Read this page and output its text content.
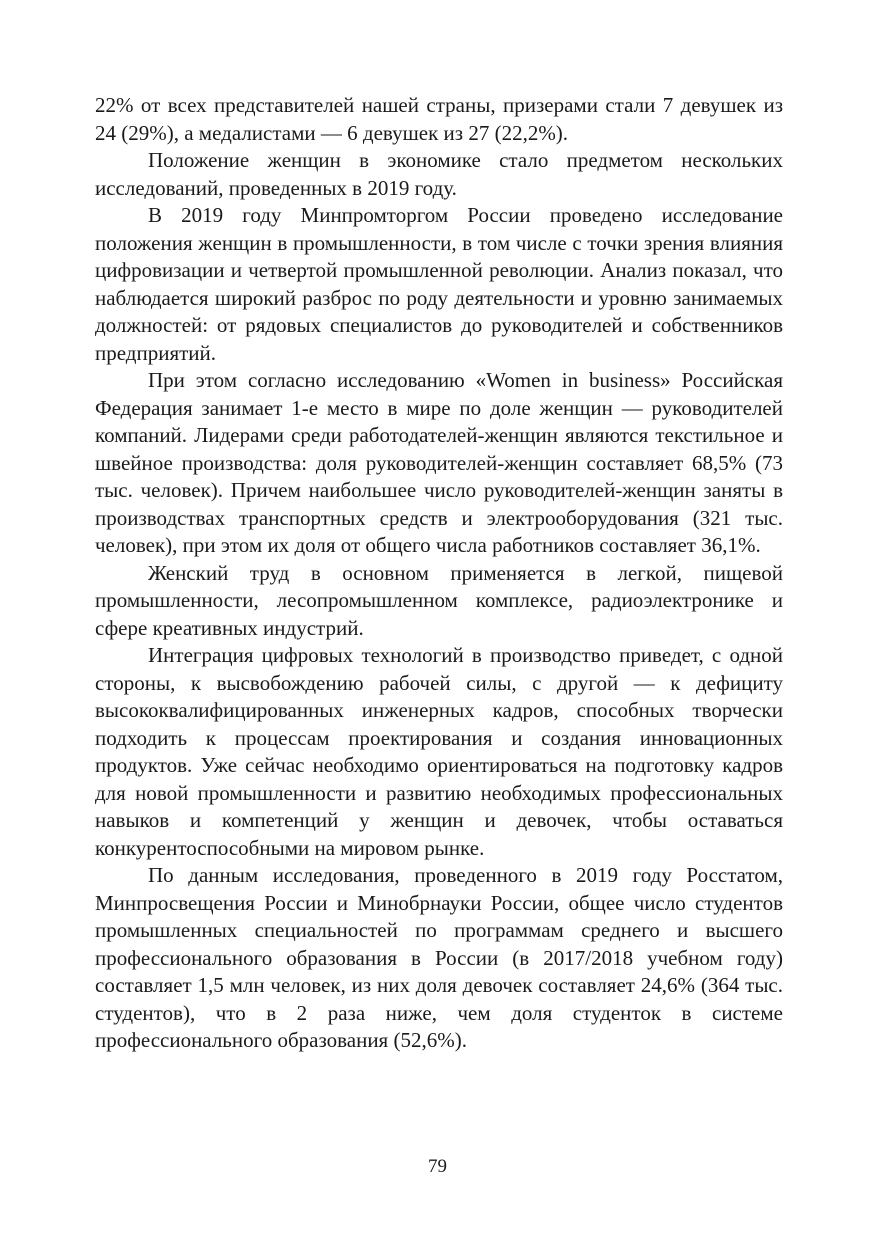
22% от всех представителей нашей страны, призерами стали 7 девушек из 24 (29%), а медалистами — 6 девушек из 27 (22,2%).

Положение женщин в экономике стало предметом нескольких исследований, проведенных в 2019 году.

В 2019 году Минпромторгом России проведено исследование положения женщин в промышленности, в том числе с точки зрения влияния цифровизации и четвертой промышленной революции. Анализ показал, что наблюдается широкий разброс по роду деятельности и уровню занимаемых должностей: от рядовых специалистов до руководителей и собственников предприятий.

При этом согласно исследованию «Women in business» Российская Федерация занимает 1-е место в мире по доле женщин — руководителей компаний. Лидерами среди работодателей-женщин являются текстильное и швейное производства: доля руководителей-женщин составляет 68,5% (73 тыс. человек). Причем наибольшее число руководителей-женщин заняты в производствах транспортных средств и электрооборудования (321 тыс. человек), при этом их доля от общего числа работников составляет 36,1%.

Женский труд в основном применяется в легкой, пищевой промышленности, лесопромышленном комплексе, радиоэлектронике и сфере креативных индустрий.

Интеграция цифровых технологий в производство приведет, с одной стороны, к высвобождению рабочей силы, с другой — к дефициту высококвалифицированных инженерных кадров, способных творчески подходить к процессам проектирования и создания инновационных продуктов. Уже сейчас необходимо ориентироваться на подготовку кадров для новой промышленности и развитию необходимых профессиональных навыков и компетенций у женщин и девочек, чтобы оставаться конкурентоспособными на мировом рынке.

По данным исследования, проведенного в 2019 году Росстатом, Минпросвещения России и Минобрнауки России, общее число студентов промышленных специальностей по программам среднего и высшего профессионального образования в России (в 2017/2018 учебном году) составляет 1,5 млн человек, из них доля девочек составляет 24,6% (364 тыс. студентов), что в 2 раза ниже, чем доля студенток в системе профессионального образования (52,6%).

79
